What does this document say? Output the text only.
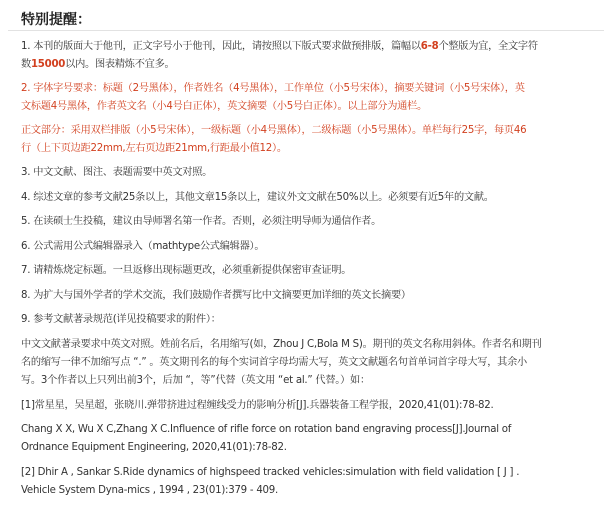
特别提醒：
1. 本刊的版面大于他刊，正文字号小于他刊，因此，请按照以下版式要求做预排版，篇幅以6-8个整版为宜，全文字符
数15000以内。图表精炼不宜多。
2. 字体字号要求：标题（2号黑体），作者姓名（4号黑体），工作单位（小5号宋体），摘要关键词（小5号宋体），英
文标题4号黑体，作者英文名（小4号白正体），英文摘要（小5号白正体）。以上部分为通栏。
正文部分：采用双栏排版（小5号宋体），一级标题（小4号黑体），二级标题（小5号黑体）。单栏每行25字，每页46
行（上下页边距22mm,左右页边距21mm,行距最小值12）。
3. 中文文献、图注、表题需要中英文对照。
4. 综述文章的参考文献25条以上，其他文章15条以上，建议外文文献在50%以上。必须要有近5年的文献。
5. 在读硕士生投稿，建议由导师署名第一作者。否则，必须注明导师为通信作者。
6. 公式需用公式编辑器录入（mathtype公式编辑器）。
7. 请精炼烧定标题。一旦返修出现标题更改，必须重新提供保密审查证明。
8. 为扩大与国外学者的学术交流，我们鼓励作者撰写比中文摘要更加详细的英文长摘要）
9. 参考文献著录规范(详见投稿要求的附件）：
中文文献著录要求中英文对照。姓前名后，名用缩写(如，Zhou J C,Bola M S)。期刊的英文名称用斜体。作者名和期刊
名的缩写一律不加缩写点 “.” 。英文期刊名的每个实词首字母均需大写，英文文献题名句首单词首字母大写，其余小
写。3个作者以上只列出前3个，后加 “，等”代替（英文用 “et al.” 代替。）如：
[1]常星星，吴星超，张晓川.弹带挤进过程缠线受力的影响分析[J].兵器装备工程学报，2020,41(01):78-82.
Chang X X, Wu X C,Zhang X C.Influence of rifle force on rotation band engraving process[J].Journal of
Ordnance Equipment Engineering, 2020,41(01):78-82.
[2] Dhir A , Sankar S.Ride dynamics of highspeed tracked vehicles:simulation with field validation [ J ] .
Vehicle System Dyna-mics , 1994 , 23(01):379 - 409.
